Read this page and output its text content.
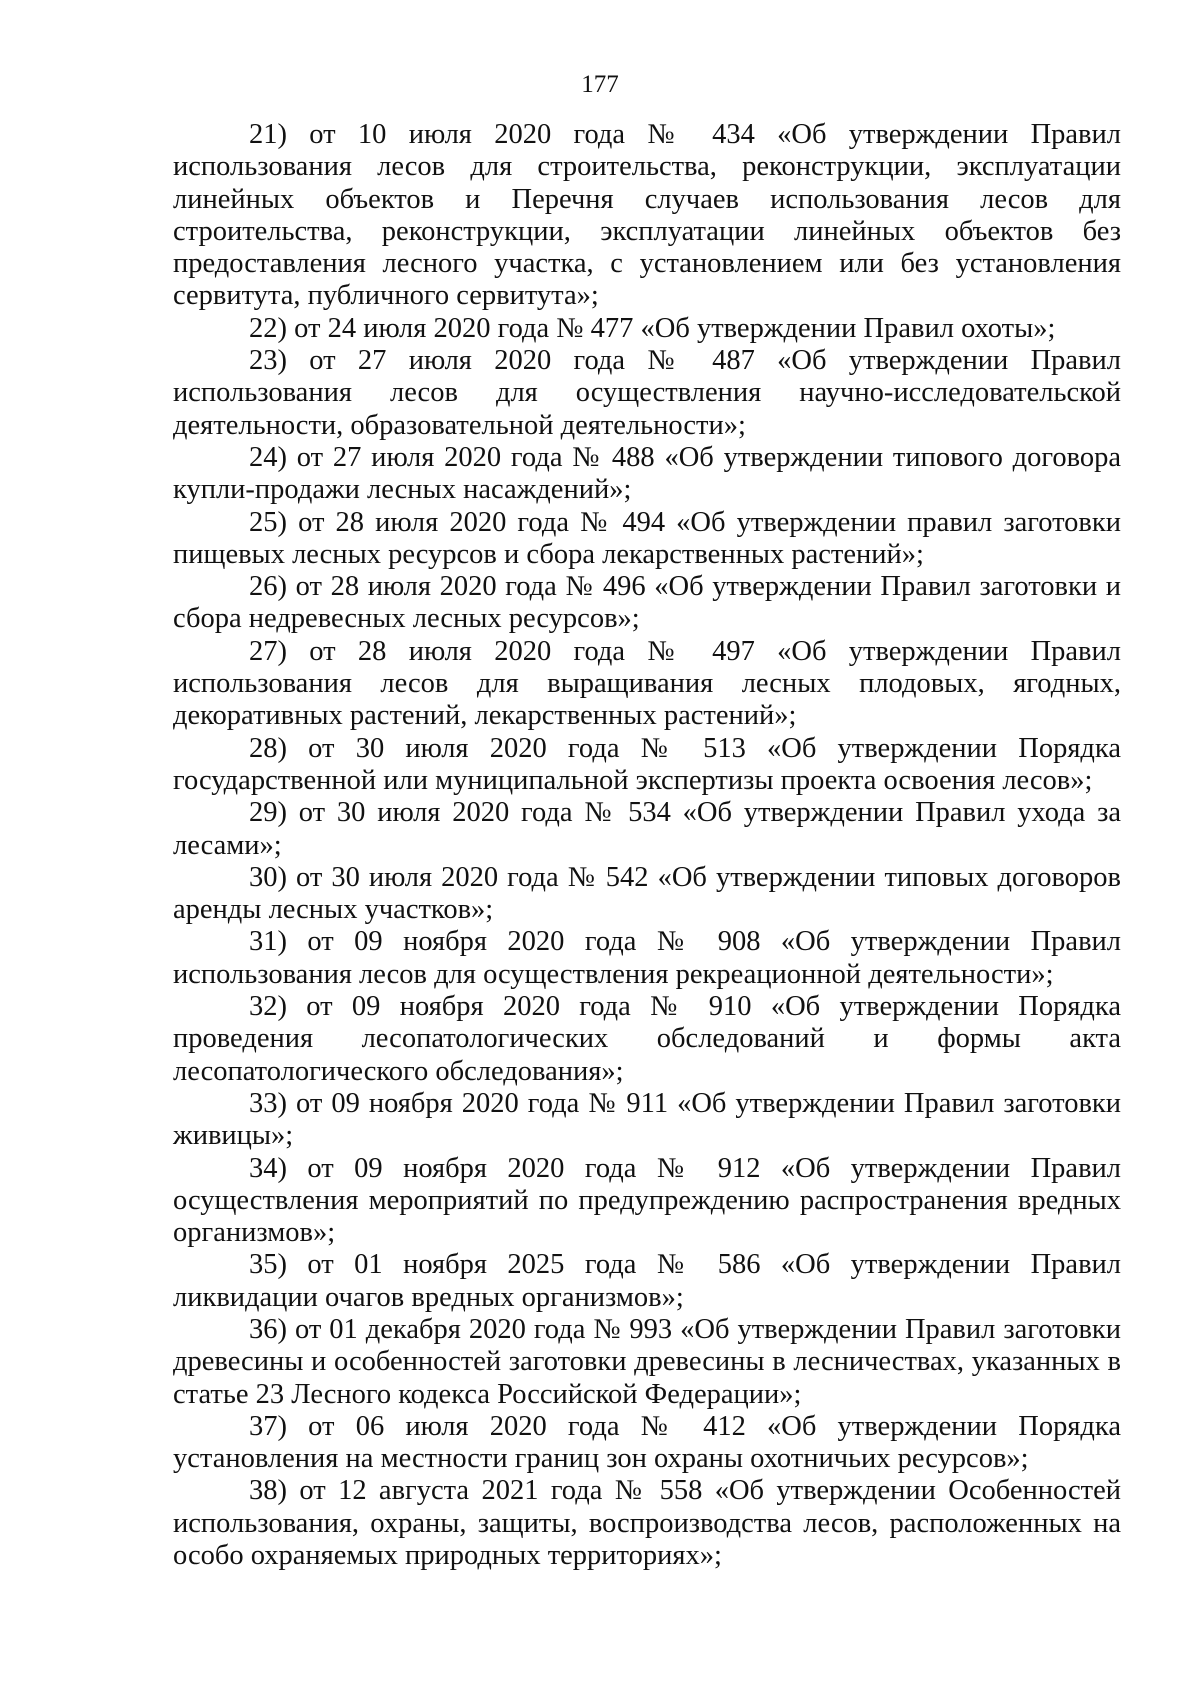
177

21) от 10 июля 2020 года № 434 «Об утверждении Правил использования лесов для строительства, реконструкции, эксплуатации линейных объектов и Перечня случаев использования лесов для строительства, реконструкции, эксплуатации линейных объектов без предоставления лесного участка, с установлением или без установления сервитута, публичного сервитута»;

22) от 24 июля 2020 года № 477 «Об утверждении Правил охоты»;

23) от 27 июля 2020 года № 487 «Об утверждении Правил использования лесов для осуществления научно-исследовательской деятельности, образовательной деятельности»;

24) от 27 июля 2020 года № 488 «Об утверждении типового договора купли-продажи лесных насаждений»;

25) от 28 июля 2020 года № 494 «Об утверждении правил заготовки пищевых лесных ресурсов и сбора лекарственных растений»;

26) от 28 июля 2020 года № 496 «Об утверждении Правил заготовки и сбора недревесных лесных ресурсов»;

27) от 28 июля 2020 года № 497 «Об утверждении Правил использования лесов для выращивания лесных плодовых, ягодных, декоративных растений, лекарственных растений»;

28) от 30 июля 2020 года № 513 «Об утверждении Порядка государственной или муниципальной экспертизы проекта освоения лесов»;

29) от 30 июля 2020 года № 534 «Об утверждении Правил ухода за лесами»;

30) от 30 июля 2020 года № 542 «Об утверждении типовых договоров аренды лесных участков»;

31) от 09 ноября 2020 года № 908 «Об утверждении Правил использования лесов для осуществления рекреационной деятельности»;

32) от 09 ноября 2020 года № 910 «Об утверждении Порядка проведения лесопатологических обследований и формы акта лесопатологического обследования»;

33) от 09 ноября 2020 года № 911 «Об утверждении Правил заготовки живицы»;

34) от 09 ноября 2020 года № 912 «Об утверждении Правил осуществления мероприятий по предупреждению распространения вредных организмов»;

35) от 01 ноября 2025 года № 586 «Об утверждении Правил ликвидации очагов вредных организмов»;

36) от 01 декабря 2020 года № 993 «Об утверждении Правил заготовки древесины и особенностей заготовки древесины в лесничествах, указанных в статье 23 Лесного кодекса Российской Федерации»;

37) от 06 июля 2020 года № 412 «Об утверждении Порядка установления на местности границ зон охраны охотничьих ресурсов»;

38) от 12 августа 2021 года № 558 «Об утверждении Особенностей использования, охраны, защиты, воспроизводства лесов, расположенных на особо охраняемых природных территориях»;
